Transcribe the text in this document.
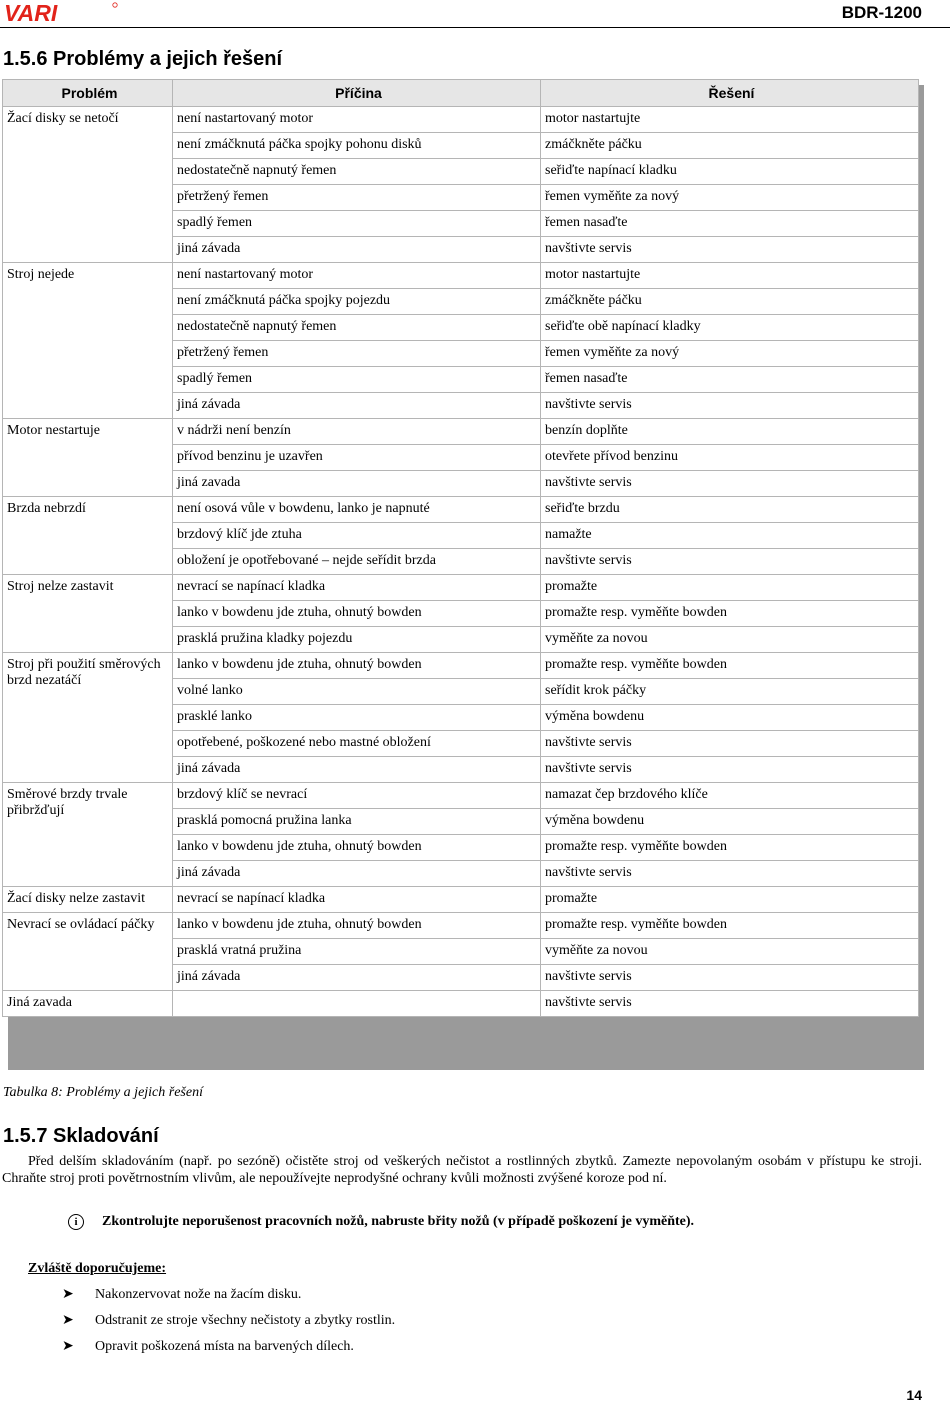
VARI	BDR-1200
1.5.6 Problémy a jejich řešení
Problém	Příčina	Řešení
Žací disky se netočí	není nastartovaný motor	motor nastartujte
	není zmáčknutá páčka spojky pohonu disků	zmáčkněte páčku
	nedostatečně napnutý řemen	seřiďte napínací kladku
	přetržený řemen	řemen vyměňte za nový
	spadlý řemen	řemen nasaďte
	jiná závada	navštivte servis
Stroj nejede	není nastartovaný motor	motor nastartujte
	není zmáčknutá páčka spojky pojezdu	zmáčkněte páčku
	nedostatečně napnutý řemen	seřiďte obě napínací kladky
	přetržený řemen	řemen vyměňte za nový
	spadlý řemen	řemen nasaďte
	jiná závada	navštivte servis
Motor nestartuje	v nádrži není benzín	benzín doplňte
	přívod benzinu je uzavřen	otevřete přívod benzinu
	jiná zavada	navštivte servis
Brzda nebrzdí	není osová vůle v bowdenu, lanko je napnuté	seřiďte brzdu
	brzdový klíč jde ztuha	namažte
	obložení je opotřebované – nejde seřídit brzda	navštivte servis
Stroj nelze zastavit	nevrací se napínací kladka	promažte
	lanko v bowdenu jde ztuha, ohnutý bowden	promažte resp. vyměňte bowden
	prasklá pružina kladky pojezdu	vyměňte za novou
Stroj při použití směrových brzd nezatáčí	lanko v bowdenu jde ztuha, ohnutý bowden	promažte resp. vyměňte bowden
	volné lanko	seřídit krok páčky
	prasklé lanko	výměna bowdenu
	opotřebené, poškozené nebo mastné obložení	navštivte servis
	jiná závada	navštivte servis
Směrové brzdy trvale přibržďují	brzdový klíč se nevrací	namazat čep brzdového klíče
	prasklá pomocná pružina lanka	výměna bowdenu
	lanko v bowdenu jde ztuha, ohnutý bowden	promažte resp. vyměňte bowden
	jiná závada	navštivte servis
Žací disky nelze zastavit	nevrací se napínací kladka	promažte
Nevrací se ovládací páčky	lanko v bowdenu jde ztuha, ohnutý bowden	promažte resp. vyměňte bowden
	prasklá vratná pružina	vyměňte za novou
	jiná závada	navštivte servis
Jiná zavada		navštivte servis
Tabulka 8: Problémy a jejich řešení
1.5.7 Skladování

Před delším skladováním (např. po sezóně) očistěte stroj od veškerých nečistot a rostlinných zbytků. Zamezte nepovolaným osobám v přístupu ke stroji. Chraňte stroj proti povětrnostním vlivům, ale nepoužívejte neprodyšné ochrany kvůli možnosti zvýšené koroze pod ní.

i	Zkontrolujte neporušenost pracovních nožů, nabruste břity nožů (v případě poškození je vyměňte).
Zvláště doporučujeme:
➤ Nakonzervovat nože na žacím disku.
➤ Odstranit ze stroje všechny nečistoty a zbytky rostlin.
➤ Opravit poškozená místa na barvených dílech.
14
